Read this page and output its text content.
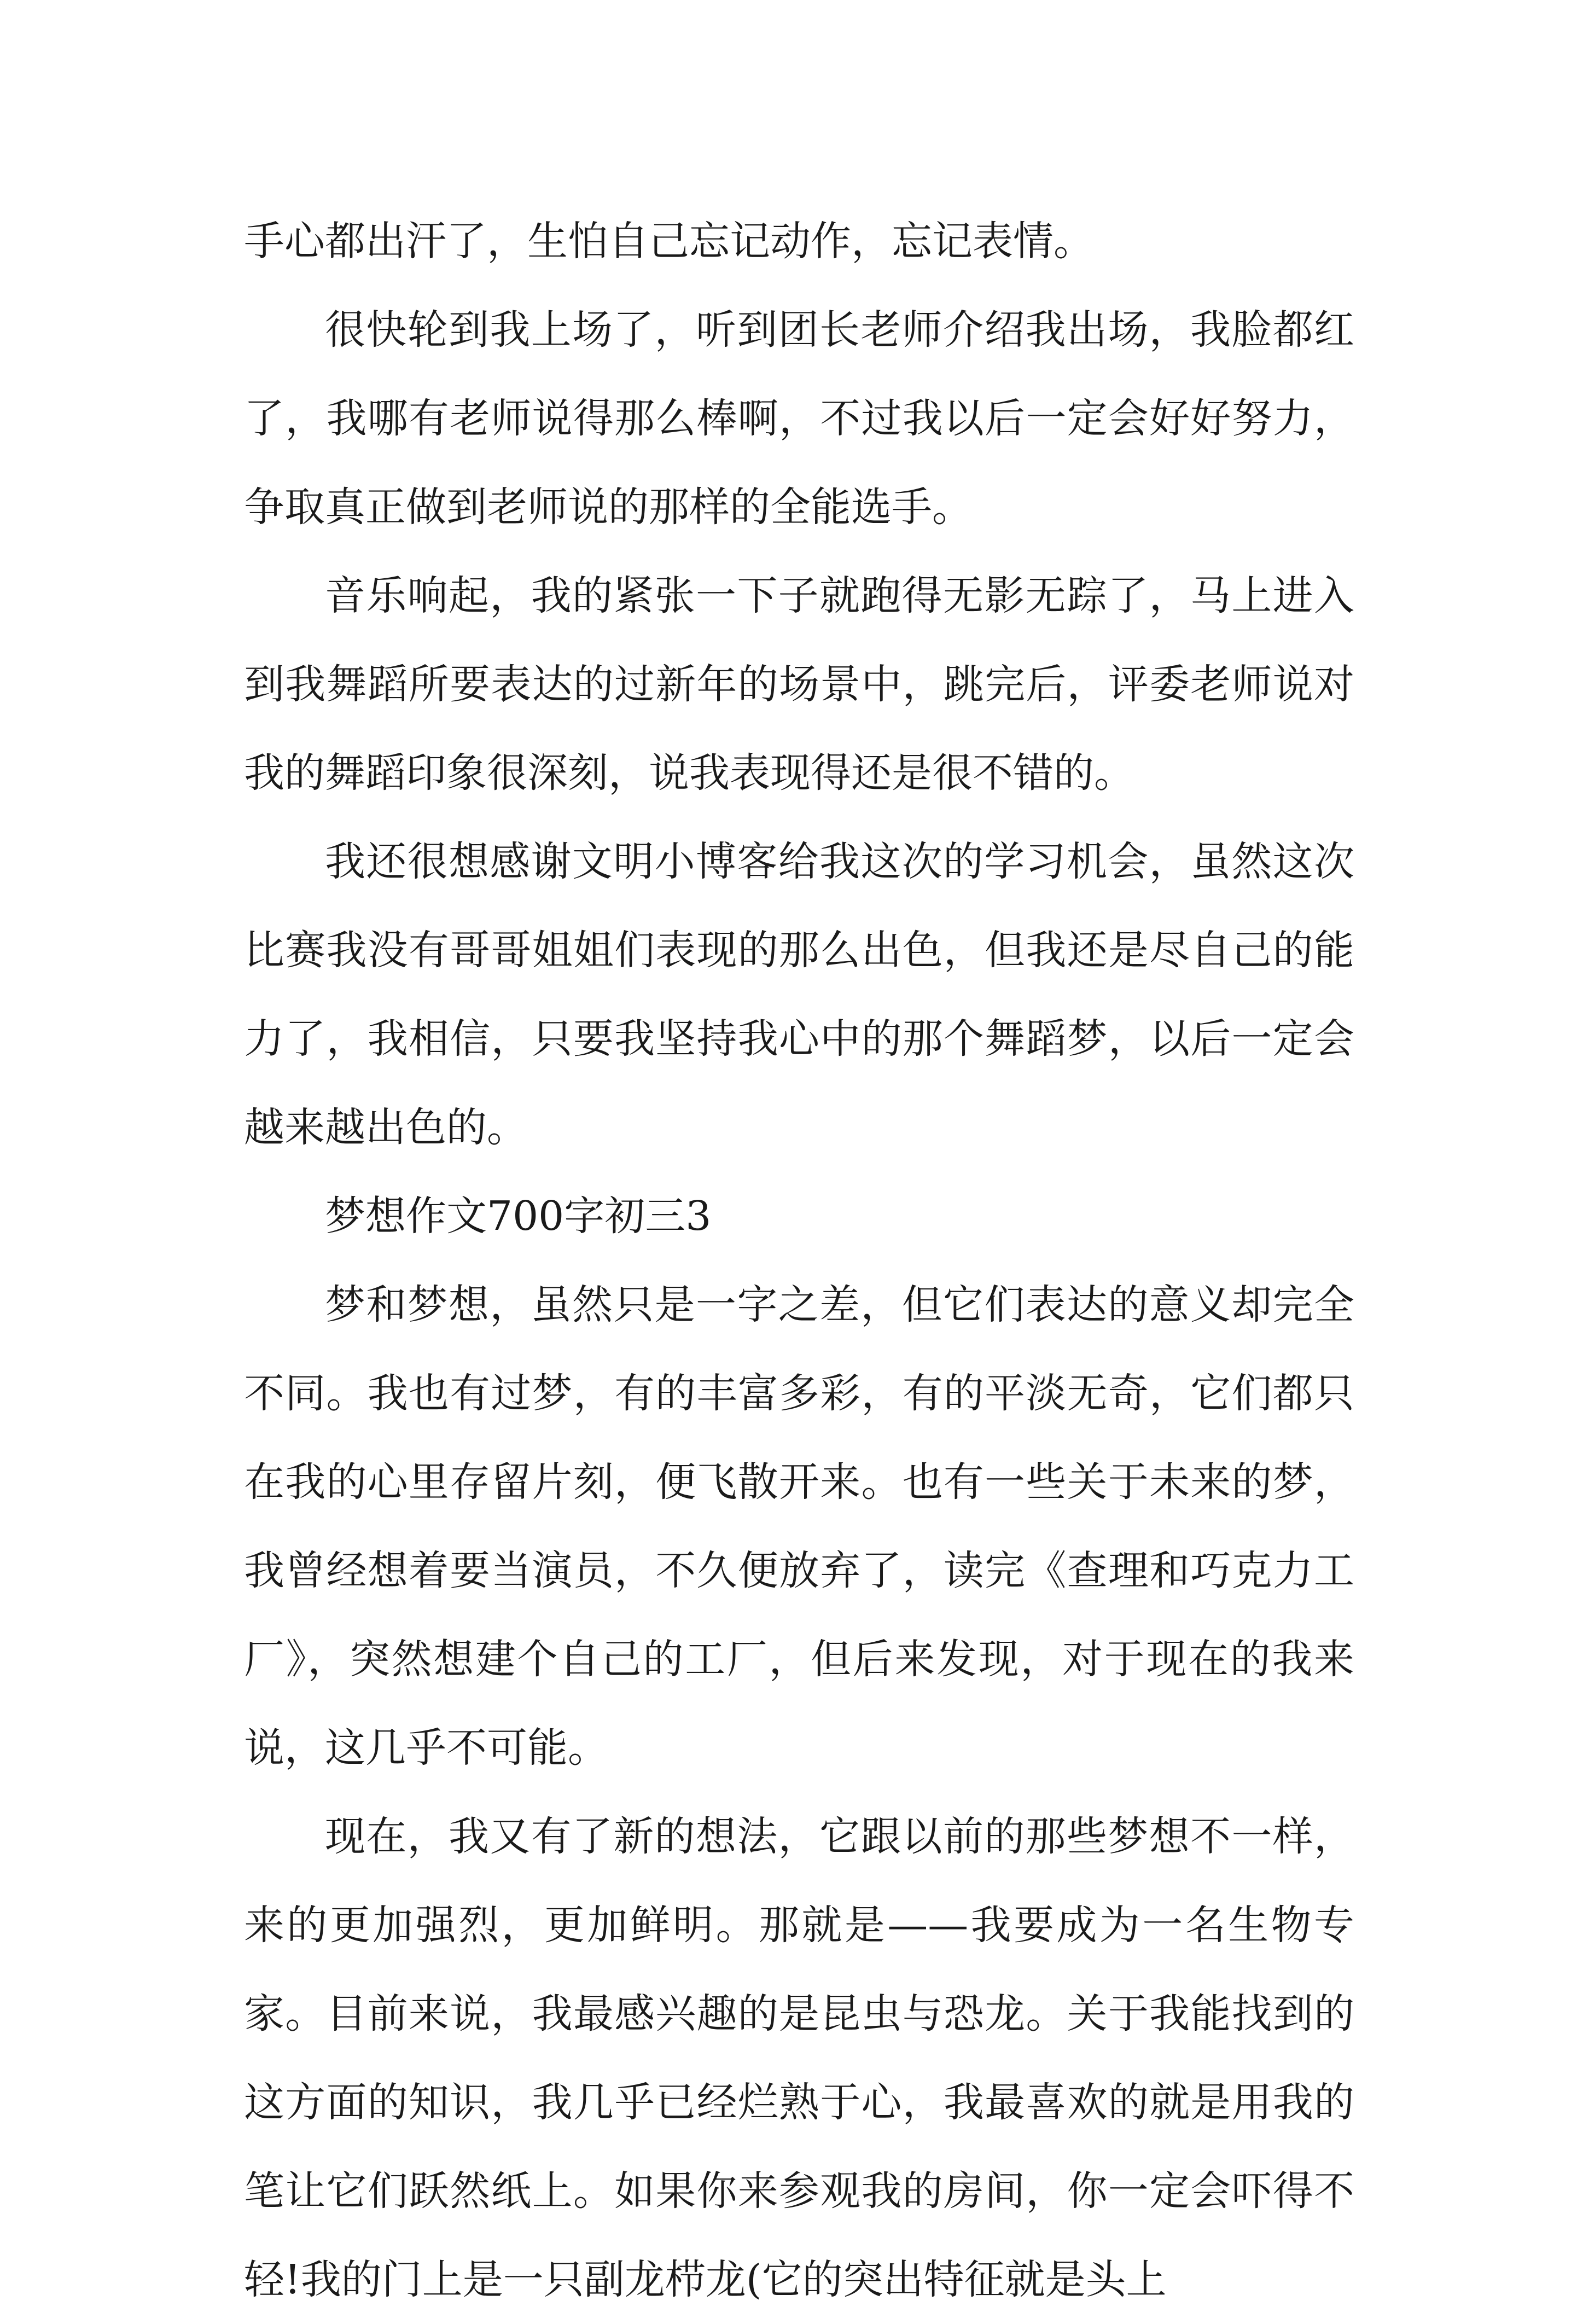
手心都出汗了，生怕自己忘记动作，忘记表情。

很快轮到我上场了，听到团长老师介绍我出场，我脸都红了，我哪有老师说得那么棒啊，不过我以后一定会好好努力，争取真正做到老师说的那样的全能选手。

音乐响起，我的紧张一下子就跑得无影无踪了，马上进入到我舞蹈所要表达的过新年的场景中，跳完后，评委老师说对我的舞蹈印象很深刻，说我表现得还是很不错的。

我还很想感谢文明小博客给我这次的学习机会，虽然这次比赛我没有哥哥姐姐们表现的那么出色，但我还是尽自己的能力了，我相信，只要我坚持我心中的那个舞蹈梦，以后一定会越来越出色的。

梦想作文700字初三3

梦和梦想，虽然只是一字之差，但它们表达的意义却完全不同。我也有过梦，有的丰富多彩，有的平淡无奇，它们都只在我的心里存留片刻，便飞散开来。也有一些关于未来的梦，我曾经想着要当演员，不久便放弃了，读完《查理和巧克力工厂》，突然想建个自己的工厂，但后来发现，对于现在的我来说，这几乎不可能。

现在，我又有了新的想法，它跟以前的那些梦想不一样，来的更加强烈，更加鲜明。那就是——我要成为一名生物专家。目前来说，我最感兴趣的是昆虫与恐龙。关于我能找到的这方面的知识，我几乎已经烂熟于心，我最喜欢的就是用我的笔让它们跃然纸上。如果你来参观我的房间，你一定会吓得不轻!我的门上是一只副龙栉龙(它的突出特征就是头上
